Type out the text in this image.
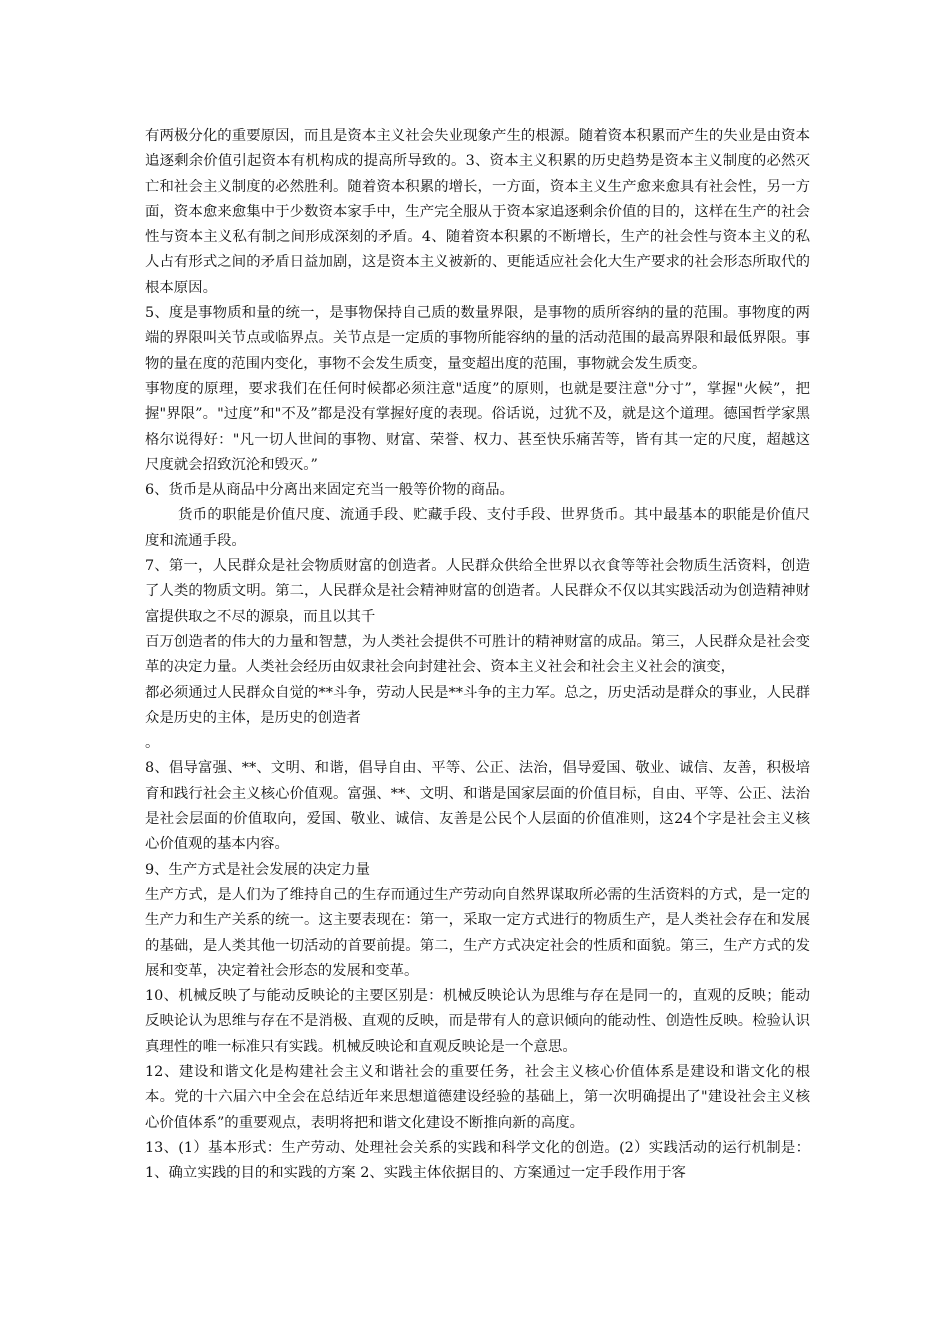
有两极分化的重要原因，而且是资本主义社会失业现象产生的根源。随着资本积累而产生的失业是由资本追逐剩余价值引起资本有机构成的提高所导致的。3、资本主义积累的历史趋势是资本主义制度的必然灭亡和社会主义制度的必然胜利。随着资本积累的增长，一方面，资本主义生产愈来愈具有社会性，另一方面，资本愈来愈集中于少数资本家手中，生产完全服从于资本家追逐剩余价值的目的，这样在生产的社会性与资本主义私有制之间形成深刻的矛盾。4、随着资本积累的不断增长，生产的社会性与资本主义的私人占有形式之间的矛盾日益加剧，这是资本主义被新的、更能适应社会化大生产要求的社会形态所取代的根本原因。

5、度是事物质和量的统一，是事物保持自己质的数量界限，是事物的质所容纳的量的范围。事物度的两端的界限叫关节点或临界点。关节点是一定质的事物所能容纳的量的活动范围的最高界限和最低界限。事物的量在度的范围内变化，事物不会发生质变，量变超出度的范围，事物就会发生质变。

事物度的原理，要求我们在任何时候都必须注意"适度”的原则，也就是要注意"分寸”，掌握"火候”，把握"界限”。"过度”和"不及”都是没有掌握好度的表现。俗话说，过犹不及，就是这个道理。德国哲学家黑格尔说得好："凡一切人世间的事物、财富、荣誉、权力、甚至快乐痛苦等，皆有其一定的尺度，超越这尺度就会招致沉沦和毁灭。”

6、货币是从商品中分离出来固定充当一般等价物的商品。

货币的职能是价值尺度、流通手段、贮藏手段、支付手段、世界货币。其中最基本的职能是价值尺度和流通手段。

7、第一，人民群众是社会物质财富的创造者。人民群众供给全世界以衣食等等社会物质生活资料，创造了人类的物质文明。第二，人民群众是社会精神财富的创造者。人民群众不仅以其实践活动为创造精神财富提供取之不尽的源泉，而且以其千

百万创造者的伟大的力量和智慧，为人类社会提供不可胜计的精神财富的成品。第三，人民群众是社会变革的决定力量。人类社会经历由奴隶社会向封建社会、资本主义社会和社会主义社会的演变，

都必须通过人民群众自觉的**斗争，劳动人民是**斗争的主力军。总之，历史活动是群众的事业，人民群众是历史的主体，是历史的创造者

。

8、倡导富强、**、文明、和谐，倡导自由、平等、公正、法治，倡导爱国、敬业、诚信、友善，积极培育和践行社会主义核心价值观。富强、**、文明、和谐是国家层面的价值目标，自由、平等、公正、法治是社会层面的价值取向，爱国、敬业、诚信、友善是公民个人层面的价值准则，这24个字是社会主义核心价值观的基本内容。

9、生产方式是社会发展的决定力量

生产方式，是人们为了维持自己的生存而通过生产劳动向自然界谋取所必需的生活资料的方式，是一定的生产力和生产关系的统一。这主要表现在：第一，采取一定方式进行的物质生产，是人类社会存在和发展的基础，是人类其他一切活动的首要前提。第二，生产方式决定社会的性质和面貌。第三，生产方式的发展和变革，决定着社会形态的发展和变革。

10、机械反映了与能动反映论的主要区别是：机械反映论认为思维与存在是同一的，直观的反映；能动反映论认为思维与存在不是消极、直观的反映，而是带有人的意识倾向的能动性、创造性反映。检验认识真理性的唯一标准只有实践。机械反映论和直观反映论是一个意思。

12、建设和谐文化是构建社会主义和谐社会的重要任务，社会主义核心价值体系是建设和谐文化的根本。党的十六届六中全会在总结近年来思想道德建设经验的基础上，第一次明确提出了"建设社会主义核心价值体系”的重要观点，表明将把和谐文化建设不断推向新的高度。

13、(1）基本形式：生产劳动、处理社会关系的实践和科学文化的创造。(2）实践活动的运行机制是：1、确立实践的目的和实践的方案 2、实践主体依据目的、方案通过一定手段作用于客
